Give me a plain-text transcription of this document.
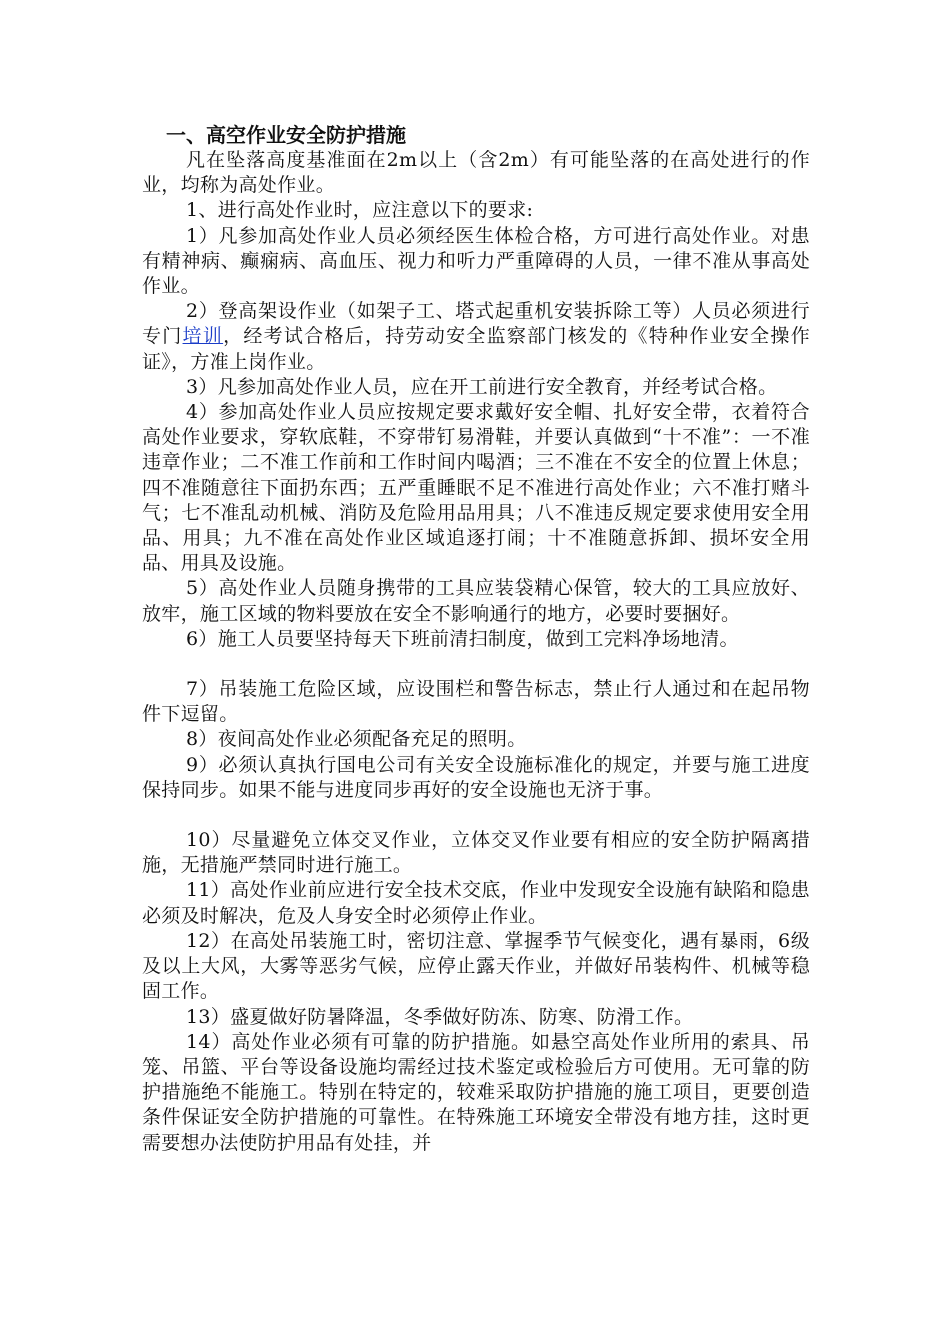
一、高空作业安全防护措施

凡在坠落高度基准面在2m以上（含2m）有可能坠落的在高处进行的作业，均称为高处作业。

1、进行高处作业时，应注意以下的要求:

1）凡参加高处作业人员必须经医生体检合格，方可进行高处作业。对患有精神病、癫痫病、高血压、视力和听力严重障碍的人员，一律不准从事高处作业。

2）登高架设作业（如架子工、塔式起重机安装拆除工等）人员必须进行专门培训，经考试合格后，持劳动安全监察部门核发的《特种作业安全操作证》，方准上岗作业。

3）凡参加高处作业人员，应在开工前进行安全教育，并经考试合格。

4）参加高处作业人员应按规定要求戴好安全帽、扎好安全带，衣着符合高处作业要求，穿软底鞋，不穿带钉易滑鞋，并要认真做到“十不准”：一不准违章作业；二不准工作前和工作时间内喝酒；三不准在不安全的位置上休息；四不准随意往下面扔东西；五严重睡眠不足不准进行高处作业；六不准打赌斗气；七不准乱动机械、消防及危险用品用具；八不准违反规定要求使用安全用品、用具；九不准在高处作业区域追逐打闹；十不准随意拆卸、损坏安全用品、用具及设施。

5）高处作业人员随身携带的工具应装袋精心保管，较大的工具应放好、放牢，施工区域的物料要放在安全不影响通行的地方，必要时要捆好。

6）施工人员要坚持每天下班前清扫制度，做到工完料净场地清。

7）吊装施工危险区域，应设围栏和警告标志，禁止行人通过和在起吊物件下逗留。

8）夜间高处作业必须配备充足的照明。

9）必须认真执行国电公司有关安全设施标准化的规定，并要与施工进度保持同步。如果不能与进度同步再好的安全设施也无济于事。

10）尽量避免立体交叉作业，立体交叉作业要有相应的安全防护隔离措施，无措施严禁同时进行施工。

11）高处作业前应进行安全技术交底，作业中发现安全设施有缺陷和隐患必须及时解决，危及人身安全时必须停止作业。

12）在高处吊装施工时，密切注意、掌握季节气候变化，遇有暴雨，6级及以上大风，大雾等恶劣气候，应停止露天作业，并做好吊装构件、机械等稳固工作。

13）盛夏做好防暑降温，冬季做好防冻、防寒、防滑工作。

14）高处作业必须有可靠的防护措施。如悬空高处作业所用的索具、吊笼、吊篮、平台等设备设施均需经过技术鉴定或检验后方可使用。无可靠的防护措施绝不能施工。特别在特定的，较难采取防护措施的施工项目，更要创造条件保证安全防护措施的可靠性。在特殊施工环境安全带没有地方挂，这时更需要想办法使防护用品有处挂，并
